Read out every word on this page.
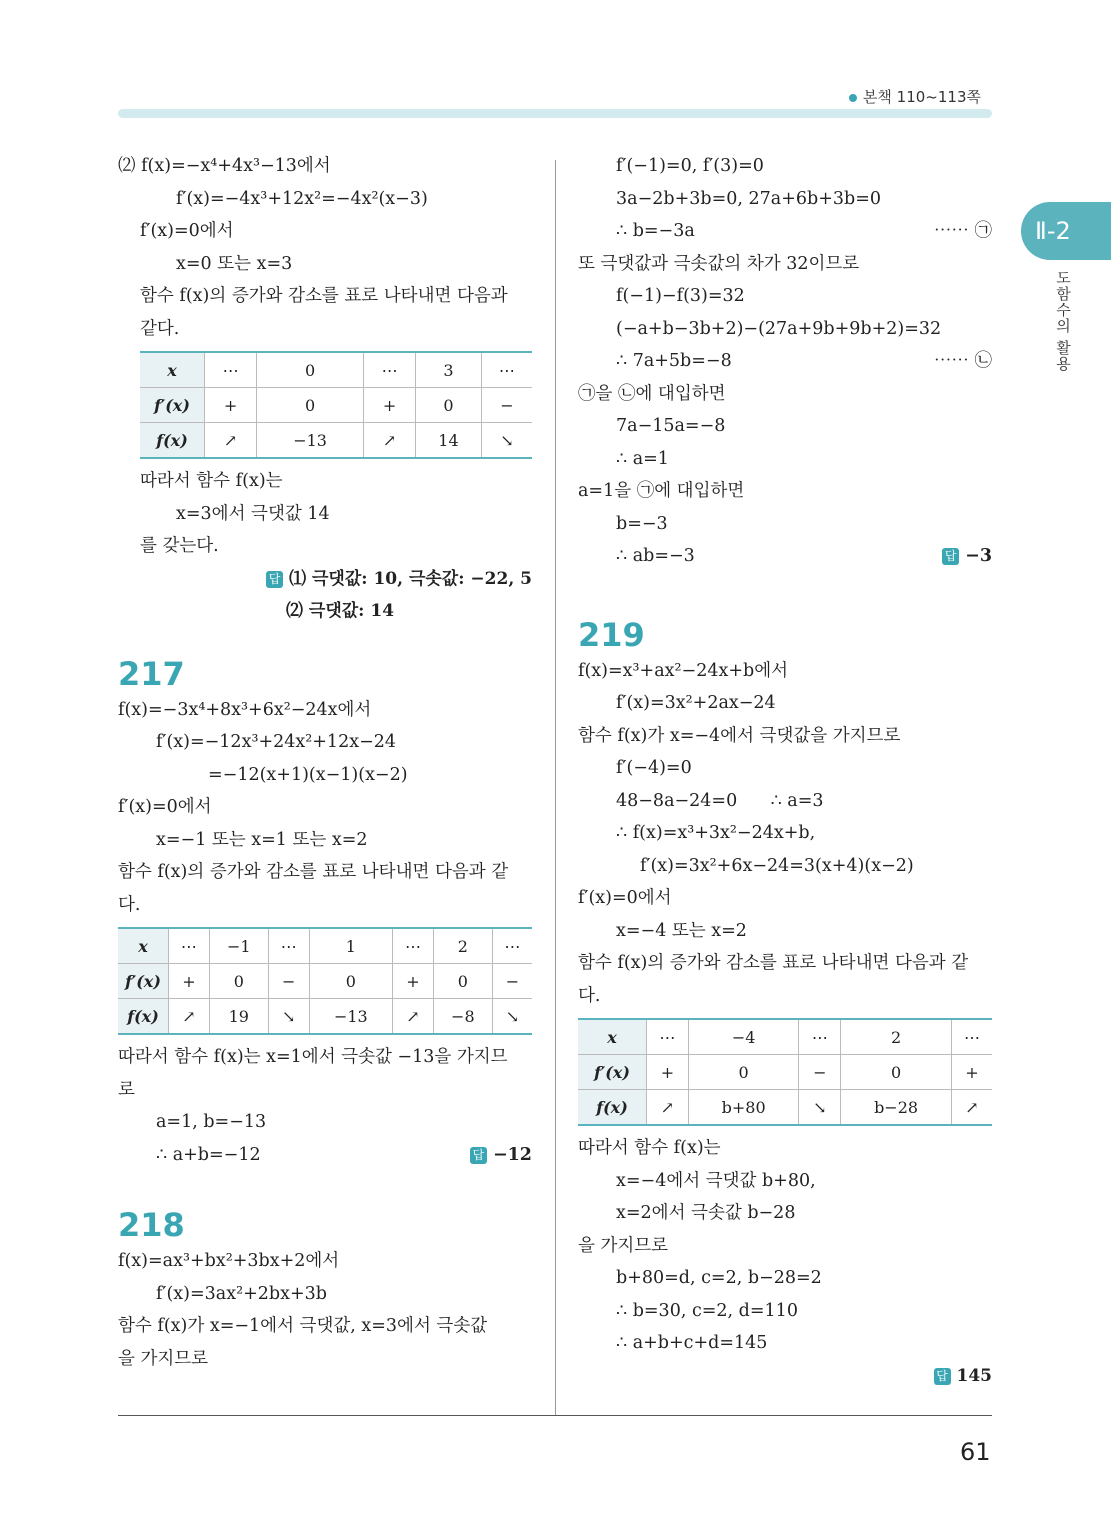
본책 110~113쪽
Ⅱ-2
도함수의 활용
61
⑵ f(x)=−x⁴+4x³−13에서
f′(x)=−4x³+12x²=−4x²(x−3)
f′(x)=0에서
x=0 또는 x=3
함수 f(x)의 증가와 감소를 표로 나타내면 다음과
같다.
x	⋯	0	⋯	3	⋯
f′(x)	+	0	+	0	−
f(x)	↗	−13	↗	14	↘
따라서 함수 f(x)는
x=3에서 극댓값 14
를 갖는다.
답 ⑴ 극댓값: 10, 극솟값: −22, 5
⑵ 극댓값: 14
217
f(x)=−3x⁴+8x³+6x²−24x에서
f′(x)=−12x³+24x²+12x−24
=−12(x+1)(x−1)(x−2)
f′(x)=0에서
x=−1 또는 x=1 또는 x=2
함수 f(x)의 증가와 감소를 표로 나타내면 다음과 같
다.
x	⋯	−1	⋯	1	⋯	2	⋯
f′(x)	+	0	−	0	+	0	−
f(x)	↗	19	↘	−13	↗	−8	↘
따라서 함수 f(x)는 x=1에서 극솟값 −13을 가지므
로
a=1, b=−13
∴ a+b=−12	답 −12
218
f(x)=ax³+bx²+3bx+2에서
f′(x)=3ax²+2bx+3b
함수 f(x)가 x=−1에서 극댓값, x=3에서 극솟값
을 가지므로
f′(−1)=0, f′(3)=0
3a−2b+3b=0, 27a+6b+3b=0
∴ b=−3a	⋯⋯ ㉠
또 극댓값과 극솟값의 차가 32이므로
f(−1)−f(3)=32
(−a+b−3b+2)−(27a+9b+9b+2)=32
∴ 7a+5b=−8	⋯⋯ ㉡
㉠을 ㉡에 대입하면
7a−15a=−8
∴ a=1
a=1을 ㉠에 대입하면
b=−3
∴ ab=−3	답 −3
219
f(x)=x³+ax²−24x+b에서
f′(x)=3x²+2ax−24
함수 f(x)가 x=−4에서 극댓값을 가지므로
f′(−4)=0
48−8a−24=0      ∴ a=3
∴ f(x)=x³+3x²−24x+b,
f′(x)=3x²+6x−24=3(x+4)(x−2)
f′(x)=0에서
x=−4 또는 x=2
함수 f(x)의 증가와 감소를 표로 나타내면 다음과 같
다.
x	⋯	−4	⋯	2	⋯
f′(x)	+	0	−	0	+
f(x)	↗	b+80	↘	b−28	↗
따라서 함수 f(x)는
x=−4에서 극댓값 b+80,
x=2에서 극솟값 b−28
을 가지므로
b+80=d, c=2, b−28=2
∴ b=30, c=2, d=110
∴ a+b+c+d=145
답 145
